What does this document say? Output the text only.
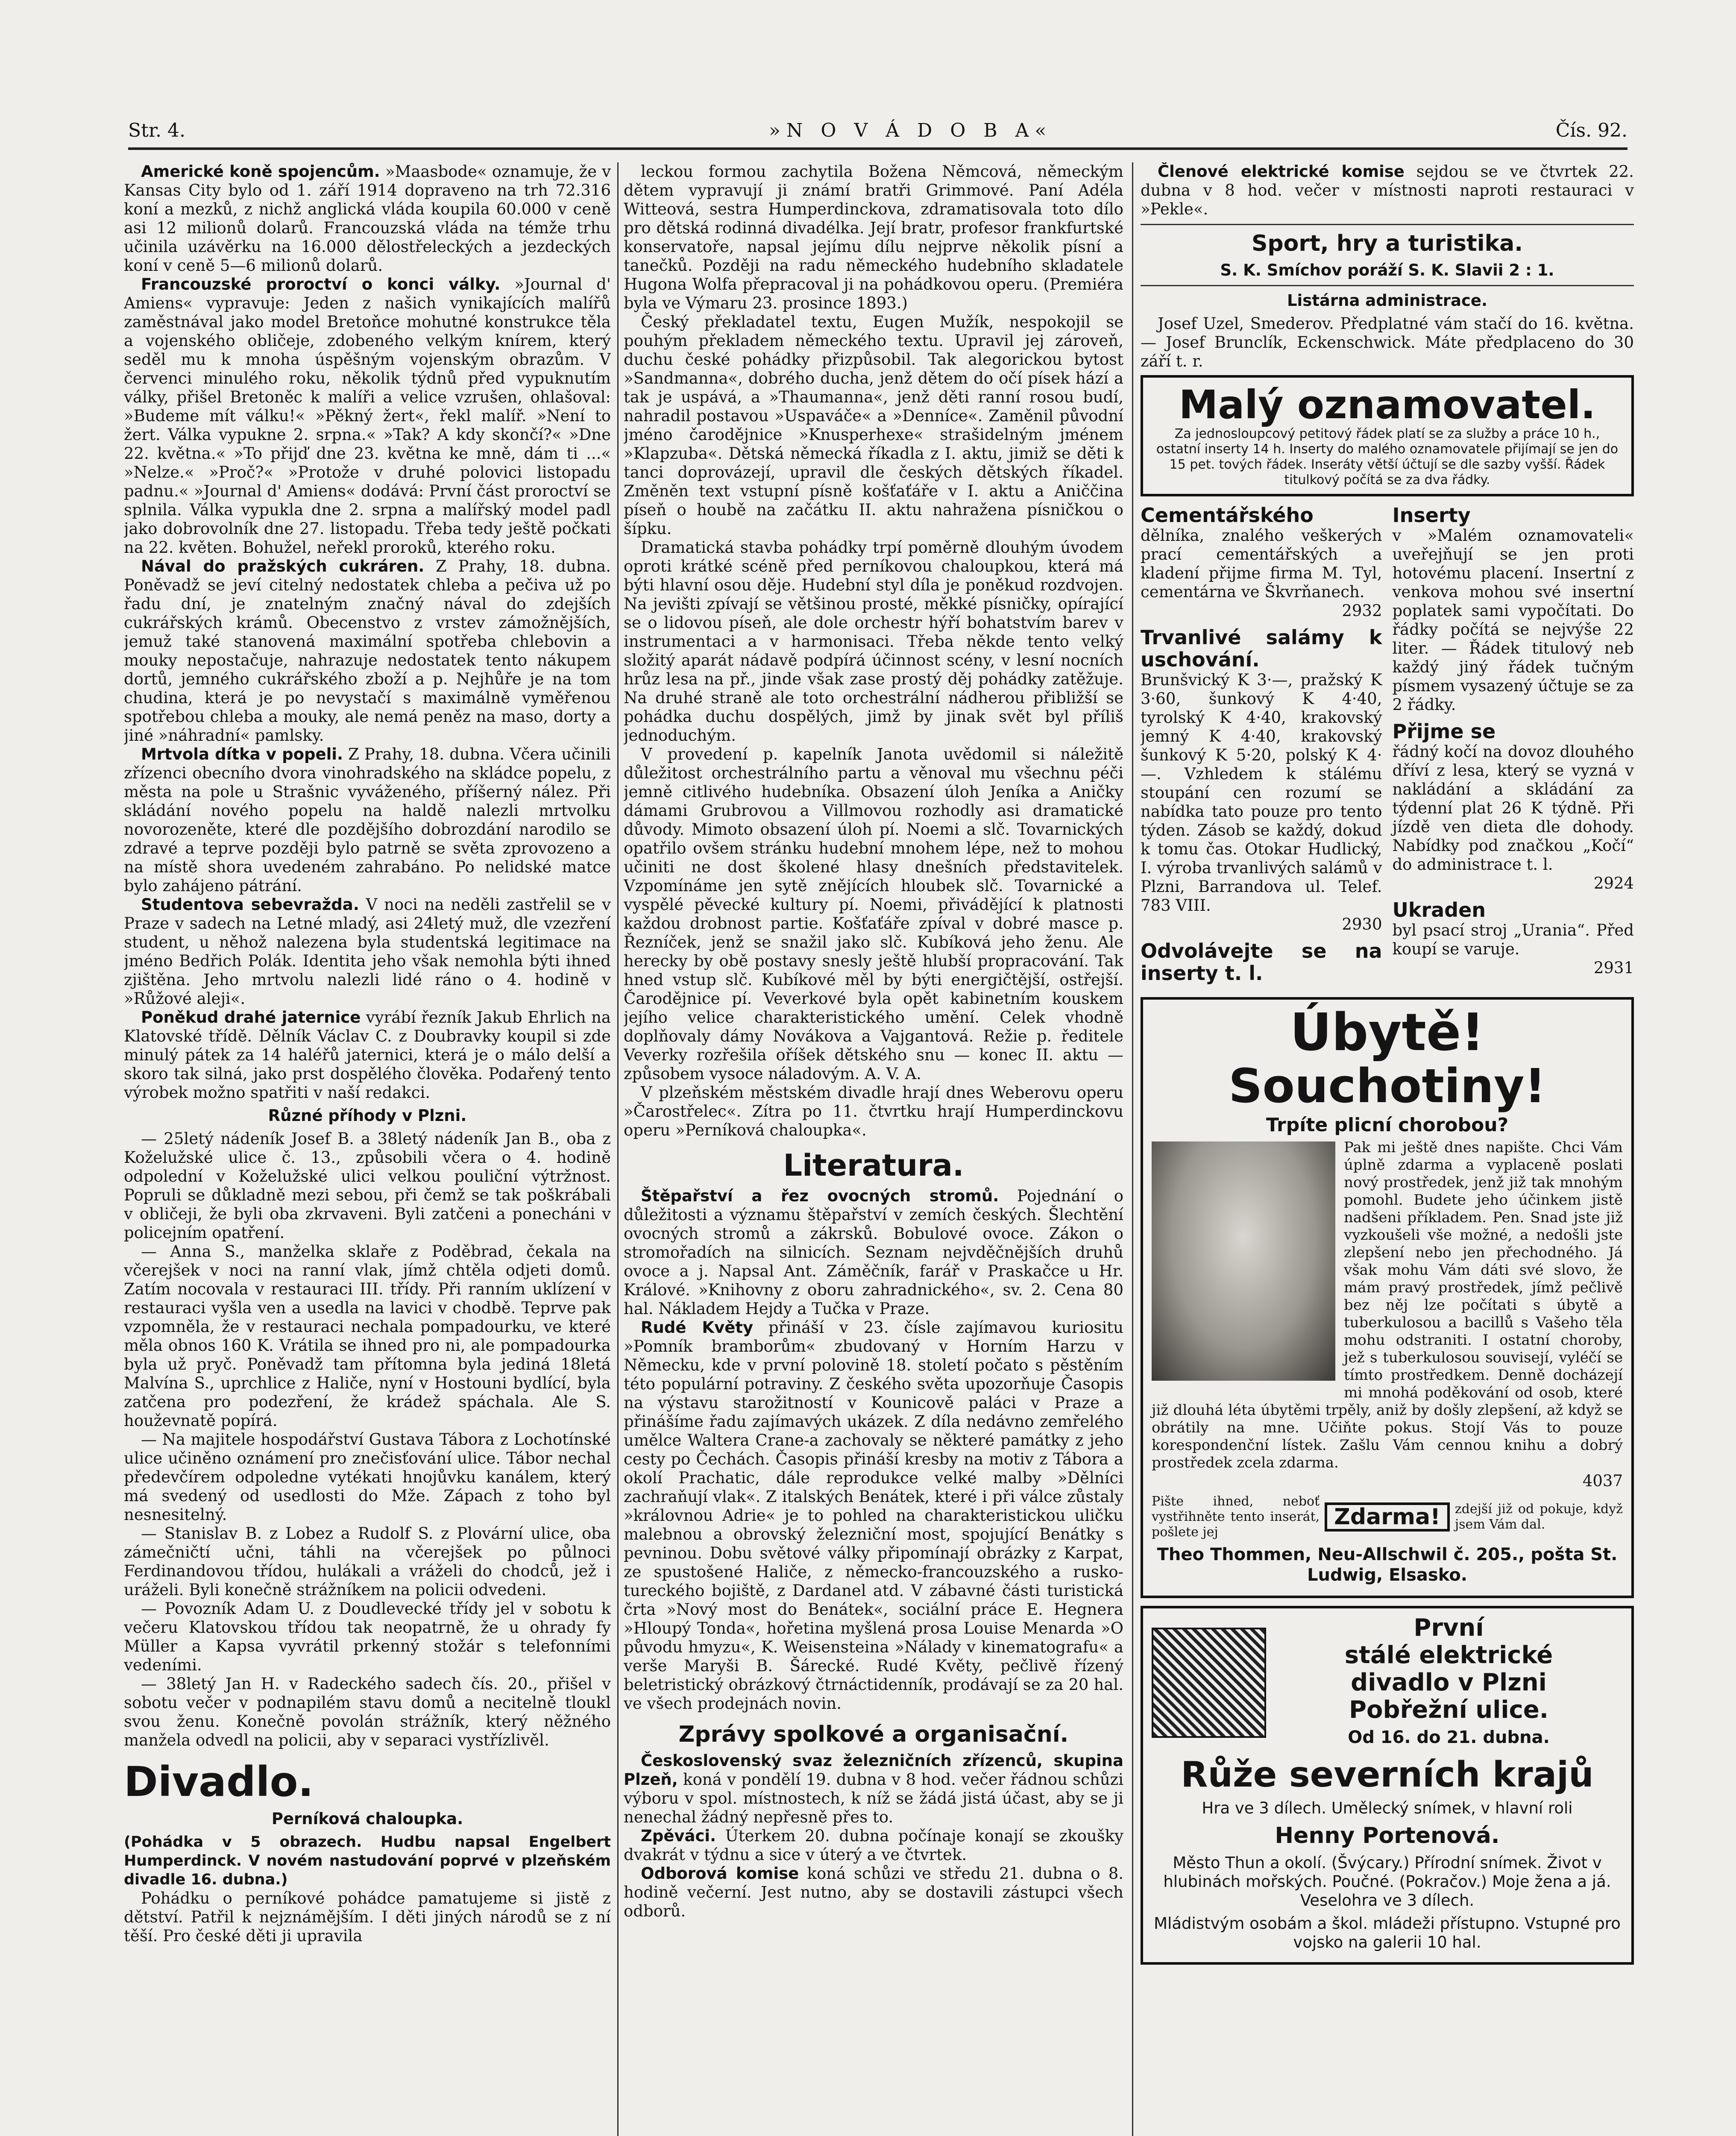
Str. 4.	»N O V Á D O B A«	Čís. 92.

Americké koně spojencům. »Maasbode« oznamuje, že v Kansas City bylo od 1. září 1914 dopraveno na trh 72.316 koní a mezků, z nichž anglická vláda koupila 60.000 v ceně asi 12 milionů dolarů. Francouzská vláda na témže trhu učinila uzávěrku na 16.000 dělostřeleckých a jezdeckých koní v ceně 5—6 milionů dolarů.

Francouzské proroctví o konci války. »Journal d' Amiens« vypravuje: Jeden z našich vynikajících malířů zaměstnával jako model Bretoňce mohutné konstrukce těla a vojenského obličeje, zdobeného velkým knírem, který seděl mu k mnoha úspěšným vojenským obrazům. V červenci minulého roku, několik týdnů před vypuknutím války, přišel Bretoněc k malíři a velice vzrušen, ohlašoval: »Budeme mít válku!« »Pěkný žert«, řekl malíř. »Není to žert. Válka vypukne 2. srpna.« »Tak? A kdy skončí?« »Dne 22. května.« »To přijď dne 23. května ke mně, dám ti ...« »Nelze.« »Proč?« »Protože v druhé polovici listopadu padnu.« »Journal d' Amiens« dodává: První část proroctví se splnila. Válka vypukla dne 2. srpna a malířský model padl jako dobrovolník dne 27. listopadu. Třeba tedy ještě počkati na 22. květen. Bohužel, neřekl proroků, kterého roku.

Nával do pražských cukráren. Z Prahy, 18. dubna. Poněvadž se jeví citelný nedostatek chleba a pečiva už po řadu dní, je znatelným značný nával do zdejších cukrářských krámů. Obecenstvo z vrstev zámožnějších, jemuž také stanovená maximální spotřeba chlebovin a mouky nepostačuje, nahrazuje nedostatek tento nákupem dortů, jemného cukrářského zboží a p. Nejhůře je na tom chudina, která je po nevystačí s maximálně vyměřenou spotřebou chleba a mouky, ale nemá peněz na maso, dorty a jiné »náhradní« pamlsky.

Mrtvola dítka v popeli. Z Prahy, 18. dubna. Včera učinili zřízenci obecního dvora vinohradského na skládce popelu, z města na pole u Strašnic vyváženého, příšerný nález. Při skládání nového popelu na haldě nalezli mrtvolku novorozeněte, které dle pozdějšího dobrozdání narodilo se zdravé a teprve později bylo patrně se světa zprovozeno a na místě shora uvedeném zahrabáno. Po nelidské matce bylo zahájeno pátrání.

Studentova sebevražda. V noci na neděli zastřelil se v Praze v sadech na Letné mladý, asi 24letý muž, dle vzezření student, u něhož nalezena byla studentská legitimace na jméno Bedřich Polák. Identita jeho však nemohla býti ihned zjištěna. Jeho mrtvolu nalezli lidé ráno o 4. hodině v »Růžové aleji«.

Poněkud drahé jaternice vyrábí řezník Jakub Ehrlich na Klatovské třídě. Dělník Václav C. z Doubravky koupil si zde minulý pátek za 14 haléřů jaternici, která je o málo delší a skoro tak silná, jako prst dospělého člověka. Podařený tento výrobek možno spatřiti v naší redakci.

Různé příhody v Plzni.

— 25letý nádeník Josef B. a 38letý nádeník Jan B., oba z Koželužské ulice č. 13., způsobili včera o 4. hodině odpolední v Koželužské ulici velkou pouliční výtržnost. Popruli se důkladně mezi sebou, při čemž se tak poškrábali v obličeji, že byli oba zkrvaveni. Byli zatčeni a ponecháni v policejním opatření.

— Anna S., manželka sklaře z Poděbrad, čekala na včerejšek v noci na ranní vlak, jímž chtěla odjeti domů. Zatím nocovala v restauraci III. třídy. Při ranním uklízení v restauraci vyšla ven a usedla na lavici v chodbě. Teprve pak vzpomněla, že v restauraci nechala pompadourku, ve které měla obnos 160 K. Vrátila se ihned pro ni, ale pompadourka byla už pryč. Poněvadž tam přítomna byla jediná 18letá Malvína S., uprchlice z Haliče, nyní v Hostouni bydlící, byla zatčena pro podezření, že krádež spáchala. Ale S. houževnatě popírá.

— Na majitele hospodářství Gustava Tábora z Lochotínské ulice učiněno oznámení pro znečisťování ulice. Tábor nechal předevčírem odpoledne vytékati hnojůvku kanálem, který má svedený od usedlosti do Mže. Zápach z toho byl nesnesitelný.

— Stanislav B. z Lobez a Rudolf S. z Plovární ulice, oba zámečničtí učni, táhli na včerejšek po půlnoci Ferdinandovou třídou, hulákali a vráželi do chodců, jež i uráželi. Byli konečně strážníkem na policii odvedeni.

— Povozník Adam U. z Doudlevecké třídy jel v sobotu k večeru Klatovskou třídou tak neopatrně, že u ohrady fy Müller a Kapsa vyvrátil prkenný stožár s telefonními vedeními.

— 38letý Jan H. v Radeckého sadech čís. 20., přišel v sobotu večer v podnapilém stavu domů a necitelně tloukl svou ženu. Konečně povolán strážník, který něžného manžela odvedl na policii, aby v separaci vystřízlivěl.

Divadlo.

Perníková chaloupka.

(Pohádka v 5 obrazech. Hudbu napsal Engelbert Humperdinck. V novém nastudování poprvé v plzeňském divadle 16. dubna.)

Pohádku o perníkové pohádce pamatujeme si jistě z dětství. Patřil k nejznámějším. I děti jiných národů se z ní těší. Pro české děti ji upravila

leckou formou zachytila Božena Němcová, německým dětem vypravují ji známí bratři Grimmové. Paní Adéla Witteová, sestra Humperdinckova, zdramatisovala toto dílo pro dětská rodinná divadélka. Její bratr, profesor frankfurtské konservatoře, napsal jejímu dílu nejprve několik písní a tanečků. Později na radu německého hudebního skladatele Hugona Wolfa přepracoval ji na pohádkovou operu. (Premiéra byla ve Výmaru 23. prosince 1893.)

Český překladatel textu, Eugen Mužík, nespokojil se pouhým překladem německého textu. Upravil jej zároveň, duchu české pohádky přizpůsobil. Tak alegorickou bytost »Sandmanna«, dobrého ducha, jenž dětem do očí písek hází a tak je uspává, a »Thaumanna«, jenž děti ranní rosou budí, nahradil postavou »Uspaváče« a »Denníce«. Zaměnil původní jméno čarodějnice »Knusperhexe« strašidelným jménem »Klapzuba«. Dětská německá říkadla z I. aktu, jimiž se děti k tanci doprovázejí, upravil dle českých dětských říkadel. Změněn text vstupní písně košťaťáře v I. aktu a Aniččina píseň o houbě na začátku II. aktu nahražena písničkou o šípku.

Dramatická stavba pohádky trpí poměrně dlouhým úvodem oproti krátké scéně před perníkovou chaloupkou, která má býti hlavní osou děje. Hudební styl díla je poněkud rozdvojen. Na jevišti zpívají se většinou prosté, měkké písničky, opírající se o lidovou píseň, ale dole orchestr hýří bohatstvím barev v instrumentaci a v harmonisaci. Třeba někde tento velký složitý aparát nádavě podpírá účinnost scény, v lesní nocních hrůz lesa na př., jinde však zase prostý děj pohádky zatěžuje. Na druhé straně ale toto orchestrální nádherou přibližší se pohádka duchu dospělých, jimž by jinak svět byl příliš jednoduchým.

V provedení p. kapelník Janota uvědomil si náležitě důležitost orchestrálního partu a věnoval mu všechnu péči jemně citlivého hudebníka. Obsazení úloh Jeníka a Aničky dámami Grubrovou a Villmovou rozhodly asi dramatické důvody. Mimoto obsazení úloh pí. Noemi a slč. Tovarnických opatřilo ovšem stránku hudební mnohem lépe, než to mohou učiniti ne dost školené hlasy dnešních představitelek. Vzpomínáme jen sytě znějících hloubek slč. Tovarnické a vyspělé pěvecké kultury pí. Noemi, přivádějící k platnosti každou drobnost partie. Košťaťáře zpíval v dobré masce p. Řezníček, jenž se snažil jako slč. Kubíková jeho ženu. Ale herecky by obě postavy snesly ještě hlubší propracování. Tak hned vstup slč. Kubíkové měl by býti energičtější, ostřejší. Čarodějnice pí. Veverkové byla opět kabinetním kouskem jejího velice charakteristického umění. Celek vhodně doplňovaly dámy Novákova a Vajgantová. Režie p. ředitele Veverky rozřešila oříšek dětského snu — konec II. aktu — způsobem vysoce náladovým. A. V. A.

V plzeňském městském divadle hrají dnes Weberovu operu »Čarostřelec«. Zítra po 11. čtvrtku hrají Humperdinckovu operu »Perníková chaloupka«.

Literatura.

Štěpařství a řez ovocných stromů. Pojednání o důležitosti a významu štěpařství v zemích českých. Šlechtění ovocných stromů a zákrsků. Bobulové ovoce. Zákon o stromořadích na silnicích. Seznam nejvděčnějších druhů ovoce a j. Napsal Ant. Záměčník, farář v Praskačce u Hr. Králové. »Knihovny z oboru zahradnického«, sv. 2. Cena 80 hal. Nákladem Hejdy a Tučka v Praze.

Rudé Květy přináší v 23. čísle zajímavou kuriositu »Pomník bramborům« zbudovaný v Horním Harzu v Německu, kde v první polovině 18. století počato s pěstěním této populární potraviny. Z českého světa upozorňuje Časopis na výstavu starožitností v Kounicově paláci v Praze a přinášíme řadu zajímavých ukázek. Z díla nedávno zemřelého umělce Waltera Crane-a zachovaly se některé památky z jeho cesty po Čechách. Časopis přináší kresby na motiv z Tábora a okolí Prachatic, dále reprodukce velké malby »Dělníci zachraňují vlak«. Z italských Benátek, které i při válce zůstaly »královnou Adrie« je to pohled na charakteristickou uličku malebnou a obrovský železniční most, spojující Benátky s pevninou. Dobu světové války připomínají obrázky z Karpat, ze spustošené Haliče, z německo-francouzského a rusko-tureckého bojiště, z Dardanel atd. V zábavné části turistická črta »Nový most do Benátek«, sociální práce E. Hegnera »Hloupý Tonda«, hořetina myšlená prosa Louise Menarda »O původu hmyzu«, K. Weisensteina »Nálady v kinematografu« a verše Maryši B. Šárecké. Rudé Květy, pečlivě řízený beletristický obrázkový čtrnáctidenník, prodávají se za 20 hal. ve všech prodejnách novin.

Zprávy spolkové a organisační.

Československý svaz železničních zřízenců, skupina Plzeň, koná v pondělí 19. dubna v 8 hod. večer řádnou schůzi výboru v spol. místnostech, k níž se žádá jistá účast, aby se ji nenechal žádný nepřesně přes to.

Zpěváci. Úterkem 20. dubna počínaje konají se zkoušky dvakrát v týdnu a sice v úterý a ve čtvrtek.

Odborová komise koná schůzi ve středu 21. dubna o 8. hodině večerní. Jest nutno, aby se dostavili zástupci všech odborů.

Členové elektrické komise sejdou se ve čtvrtek 22. dubna v 8 hod. večer v místnosti naproti restauraci v »Pekle«.

Sport, hry a turistika.

S. K. Smíchov poráží S. K. Slavii 2 : 1.

Listárna administrace.

Josef Uzel, Smederov. Předplatné vám stačí do 16. května. — Josef Brunclík, Eckenschwick. Máte předplaceno do 30 září t. r.

Malý oznamovatel.
Za jednosloupcový petitový řádek platí se za služby a práce 10 h., ostatní inserty 14 h. Inserty do malého oznamovatele přijímají se jen do 15 pet. tových řádek. Inseráty větší účtují se dle sazby vyšší. Řádek titulkový počítá se za dva řádky.
Cementářského

dělníka, znalého veškerých prací cementářských a kladení přijme firma M. Tyl, cementárna ve Škvrňanech.

2932

Trvanlivé salámy k uschování.

Brunšvický K 3·—, pražský K 3·60, šunkový K 4·40, tyrolský K 4·40, krakovský jemný K 4·40, krakovský šunkový K 5·20, polský K 4·—. Vzhledem k stálému stoupání cen rozumí se nabídka tato pouze pro tento týden. Zásob se každý, dokud k tomu čas. Otokar Hudlický, I. výroba trvanlivých salámů v Plzni, Barrandova ul. Telef. 783 VIII.

2930

Odvolávejte se na inserty t. l.
Inserty

v »Malém oznamovateli« uveřejňují se jen proti hotovému placení. Insertní z venkova mohou své insertní poplatek sami vypočítati. Do řádky počítá se nejvýše 22 liter. — Řádek titulový neb každý jiný řádek tučným písmem vysazený účtuje se za 2 řádky.

Přijme se

řádný kočí na dovoz dlouhého dříví z lesa, který se vyzná v nakládání a skládání za týdenní plat 26 K týdně. Při jízdě ven dieta dle dohody. Nabídky pod značkou „Kočí“ do administrace t. l.

2924

Ukraden

byl psací stroj „Urania“. Před koupí se varuje.

2931

Úbytě!
Souchotiny!
Trpíte plicní chorobou?

Pak mi ještě dnes napište. Chci Vám úplně zdarma a vyplaceně poslati nový prostředek, jenž již tak mnohým pomohl. Budete jeho účinkem jistě nadšeni příkladem. Pen. Snad jste již vyzkoušeli vše možné, a nedošli jste zlepšení nebo jen přechodného. Já však mohu Vám dáti své slovo, že mám pravý prostředek, jímž pečlivě bez něj lze počítati s úbytě a tuberkulosou a bacillů s Vašeho těla mohu odstraniti. I ostatní choroby, jež s tuberkulosou souvisejí, vyléčí se tímto prostředkem. Denně docházejí mi mnohá poděkování od osob, které již dlouhá léta úbytěmi trpěly, aniž by došly zlepšení, až když se obrátily na mne. Učiňte pokus. Stojí Vás to pouze korespondenční lístek. Zašlu Vám cennou knihu a dobrý prostředek zcela zdarma.

4037

Pište ihned, neboť vystřihněte tento inserát, pošlete jej
Zdarma!	zdejší již od pokuje, když jsem Vám dal.
Theo Thommen, Neu-Allschwil č. 205., pošta St. Ludwig, Elsasko.
První
stálé elektrické
divadlo v Plzni
Pobřežní ulice.
Od 16. do 21. dubna.
Růže severních krajů
Hra ve 3 dílech. Umělecký snímek, v hlavní roli
Henny Portenová.
Město Thun a okolí. (Švýcary.) Přírodní snímek. Život v hlubinách mořských. Poučné. (Pokračov.) Moje žena a já. Veselohra ve 3 dílech.
Mládistvým osobám a škol. mládeži přístupno. Vstupné pro vojsko na galerii 10 hal.
